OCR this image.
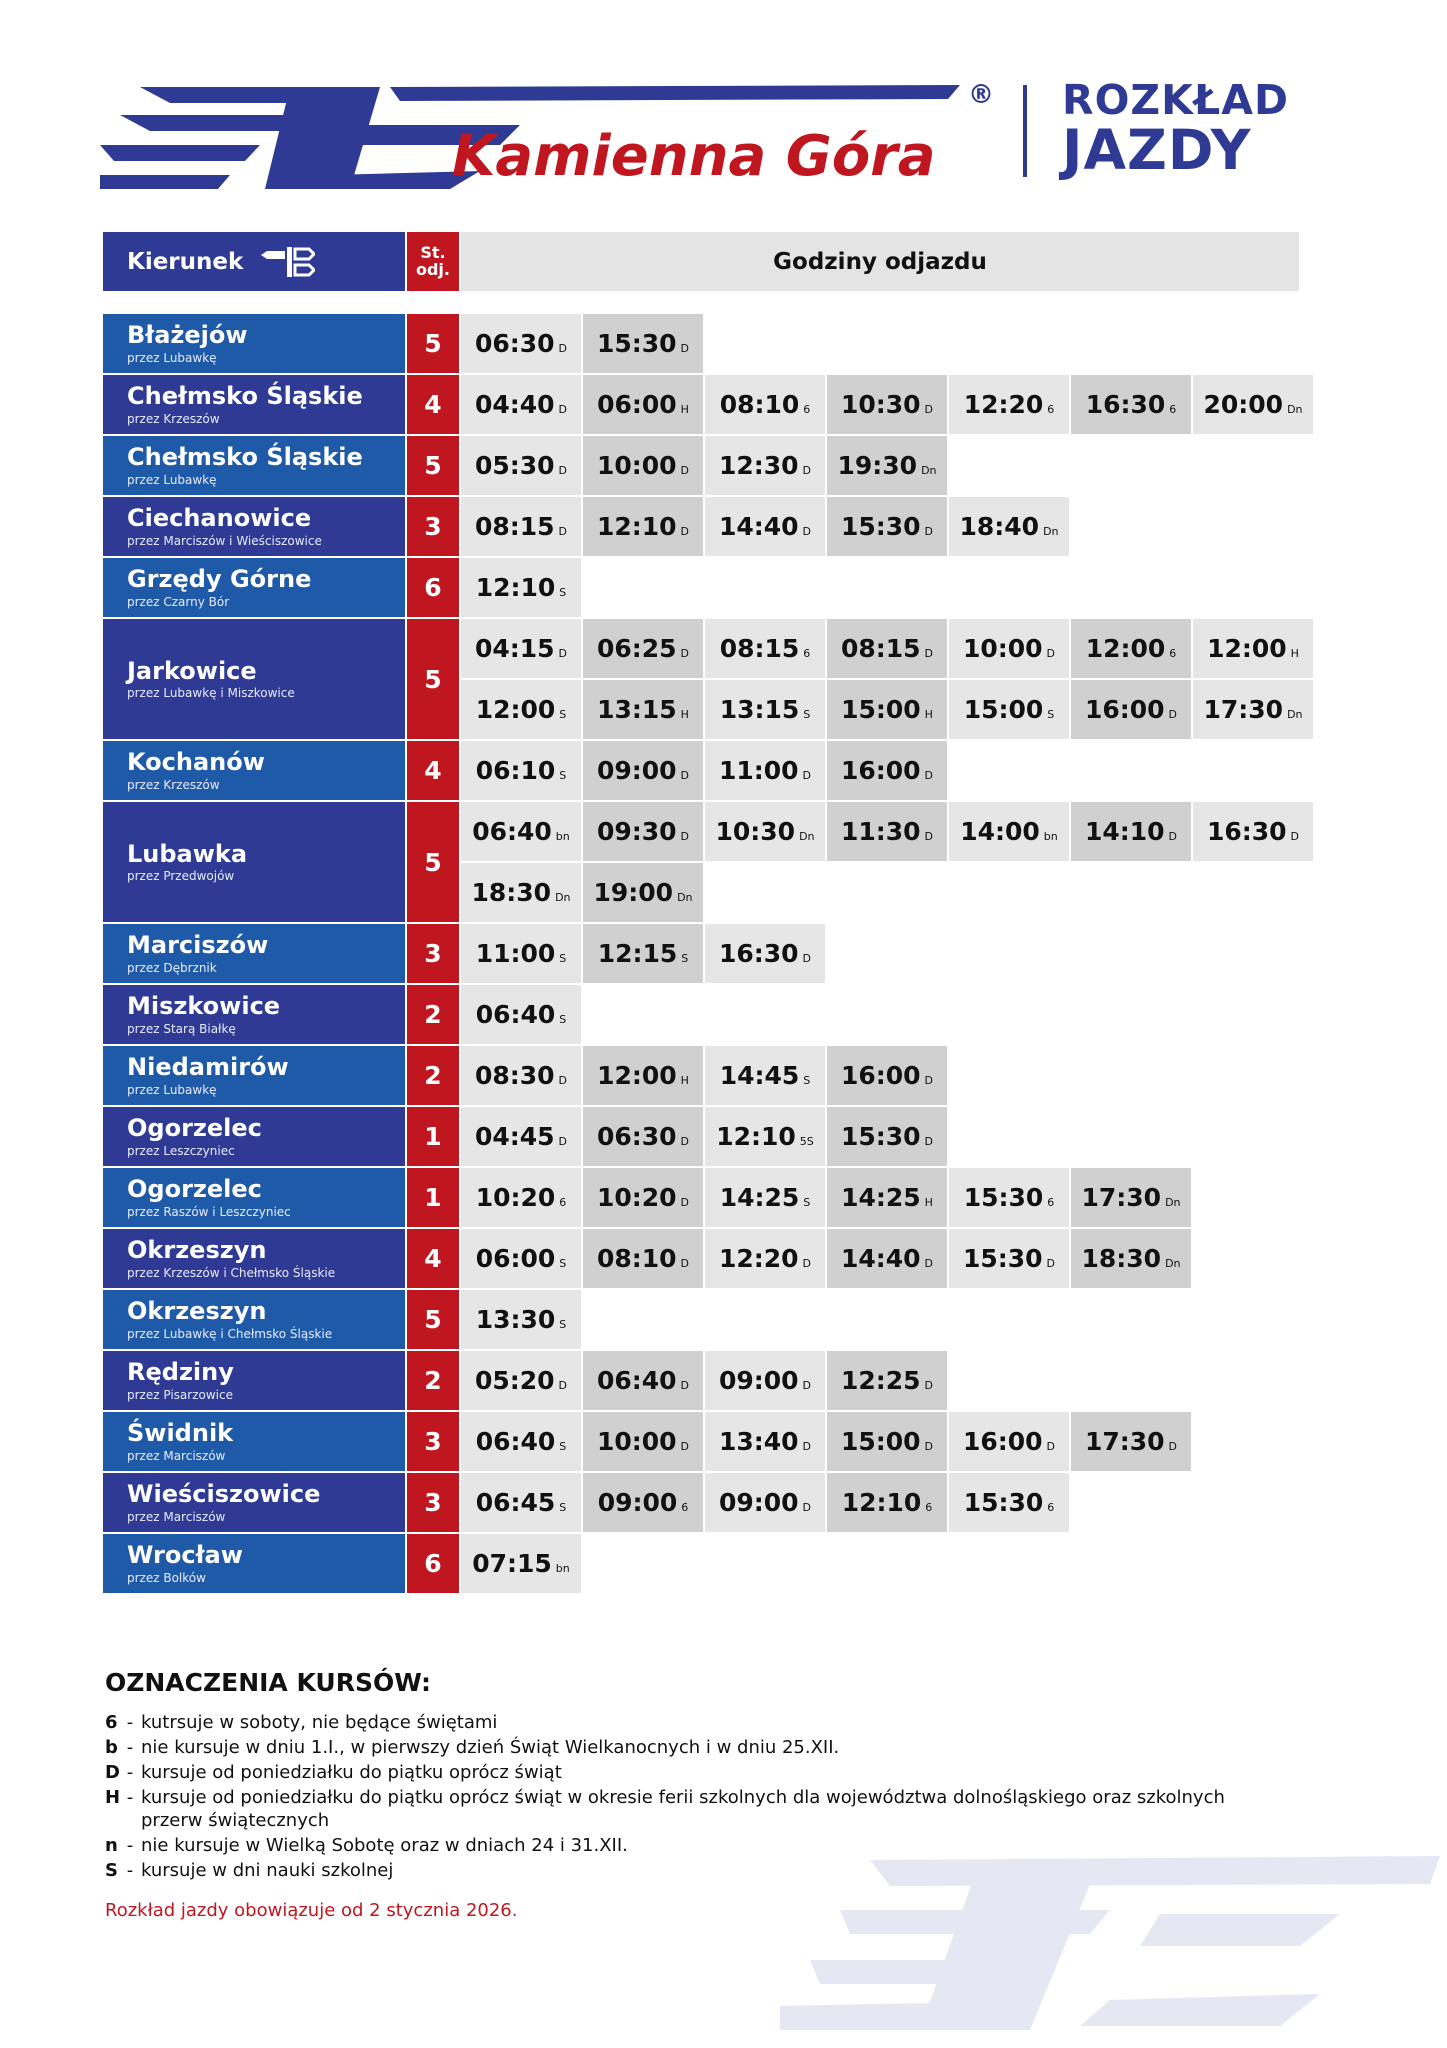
Kamienna Góra
® ROZKŁAD
JAZDY
Kierunek	St.
odj.	Godziny odjazdu
Błażejów
przez Lubawkę	5	06:30 D 15:30 D
Chełmsko Śląskie
przez Krzeszów	4	04:40 D 06:00 H 08:10 6 10:30 D 12:20 6 16:30 6 20:00 Dn
Chełmsko Śląskie
przez Lubawkę	5	05:30 D 10:00 D 12:30 D 19:30 Dn
Ciechanowice
przez Marciszów i Wieściszowice	3	08:15 D 12:10 D 14:40 D 15:30 D 18:40 Dn
Grzędy Górne
przez Czarny Bór	6	12:10 S
Jarkowice
przez Lubawkę i Miszkowice	5
04:15 D 06:25 D 08:15 6 08:15 D 10:00 D 12:00 6 12:00 H
12:00 S 13:15 H 13:15 S 15:00 H 15:00 S 16:00 D 17:30 Dn
Kochanów
przez Krzeszów	4	06:10 S 09:00 D 11:00 D 16:00 D
Lubawka
przez Przedwojów	5
06:40 bn 09:30 D 10:30 Dn 11:30 D 14:00 bn 14:10 D 16:30 D
18:30 Dn 19:00 Dn
Marciszów
przez Dębrznik	3	11:00 S 12:15 S 16:30 D
Miszkowice
przez Starą Białkę	2	06:40 S
Niedamirów
przez Lubawkę	2	08:30 D 12:00 H 14:45 S 16:00 D
Ogorzelec
przez Leszczyniec	1	04:45 D 06:30 D 12:10 5S 15:30 D
Ogorzelec
przez Raszów i Leszczyniec	1	10:20 6 10:20 D 14:25 S 14:25 H 15:30 6 17:30 Dn
Okrzeszyn
przez Krzeszów i Chełmsko Śląskie	4	06:00 S 08:10 D 12:20 D 14:40 D 15:30 D 18:30 Dn
Okrzeszyn
przez Lubawkę i Chełmsko Śląskie	5	13:30 S
Rędziny
przez Pisarzowice	2	05:20 D 06:40 D 09:00 D 12:25 D
Świdnik
przez Marciszów	3	06:40 S 10:00 D 13:40 D 15:00 D 16:00 D 17:30 D
Wieściszowice
przez Marciszów	3	06:45 S 09:00 6 09:00 D 12:10 6 15:30 6
Wrocław
przez Bolków	6	07:15 bn
OZNACZENIA KURSÓW:
6 - kutrsuje w soboty, nie będące świętami
b - nie kursuje w dniu 1.I., w pierwszy dzień Świąt Wielkanocnych i w dniu 25.XII.
D - kursuje od poniedziałku do piątku oprócz świąt
H - kursuje od poniedziałku do piątku oprócz świąt w okresie ferii szkolnych dla województwa dolnośląskiego oraz szkolnych przerw świątecznych
n - nie kursuje w Wielką Sobotę oraz w dniach 24 i 31.XII.
S - kursuje w dni nauki szkolnej
Rozkład jazdy obowiązuje od 2 stycznia 2026.
